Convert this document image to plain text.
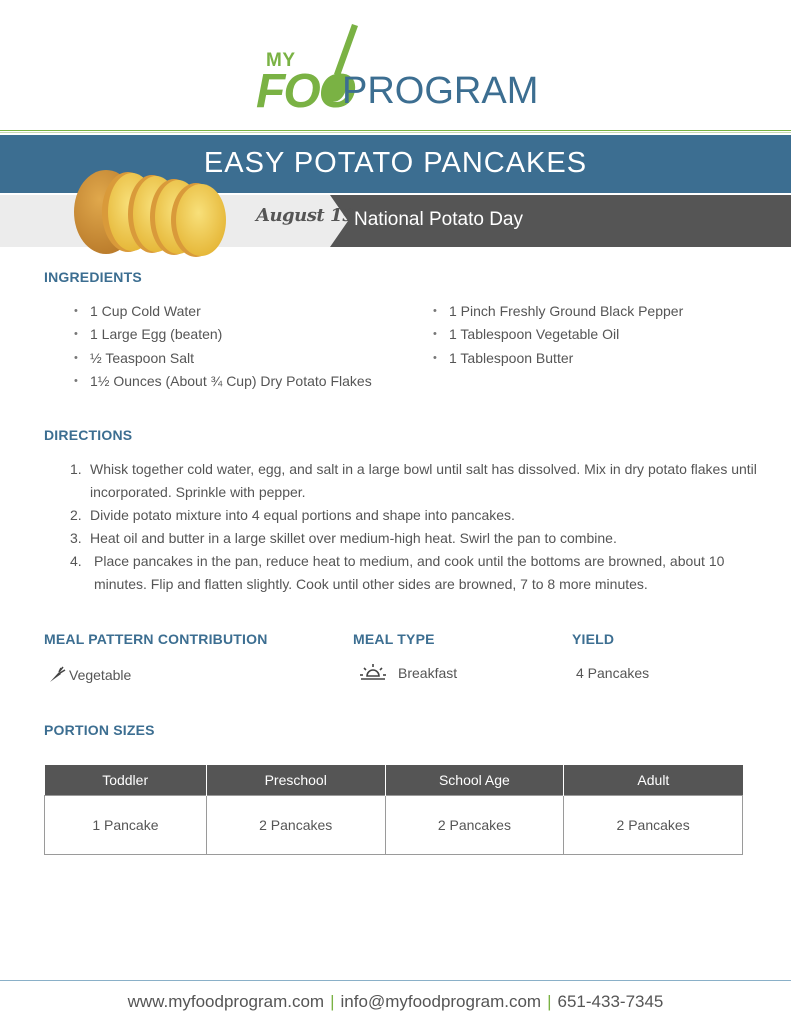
MY
FOO
PROGRAM
EASY POTATO PANCAKES
August 19 National Potato Day
INGREDIENTS
• 1 Cup Cold Water
• 1 Large Egg (beaten)
• ½ Teaspoon Salt
• 1½ Ounces (About ¾ Cup) Dry Potato Flakes
• 1 Pinch Freshly Ground Black Pepper
• 1 Tablespoon Vegetable Oil
• 1 Tablespoon Butter
DIRECTIONS
1. Whisk together cold water, egg, and salt in a large bowl until salt has dissolved. Mix in dry potato flakes until incorporated. Sprinkle with pepper.
2. Divide potato mixture into 4 equal portions and shape into pancakes.
3. Heat oil and butter in a large skillet over medium-high heat. Swirl the pan to combine.
4. Place pancakes in the pan, reduce heat to medium, and cook until the bottoms are browned, about 10 minutes. Flip and flatten slightly. Cook until other sides are browned, 7 to 8 more minutes.
MEAL PATTERN CONTRIBUTION
Vegetable
MEAL TYPE
Breakfast
YIELD
4 Pancakes
PORTION SIZES
Toddler	Preschool	School Age	Adult
1 Pancake	2 Pancakes	2 Pancakes	2 Pancakes
www.myfoodprogram.com | info@myfoodprogram.com | 651-433-7345
